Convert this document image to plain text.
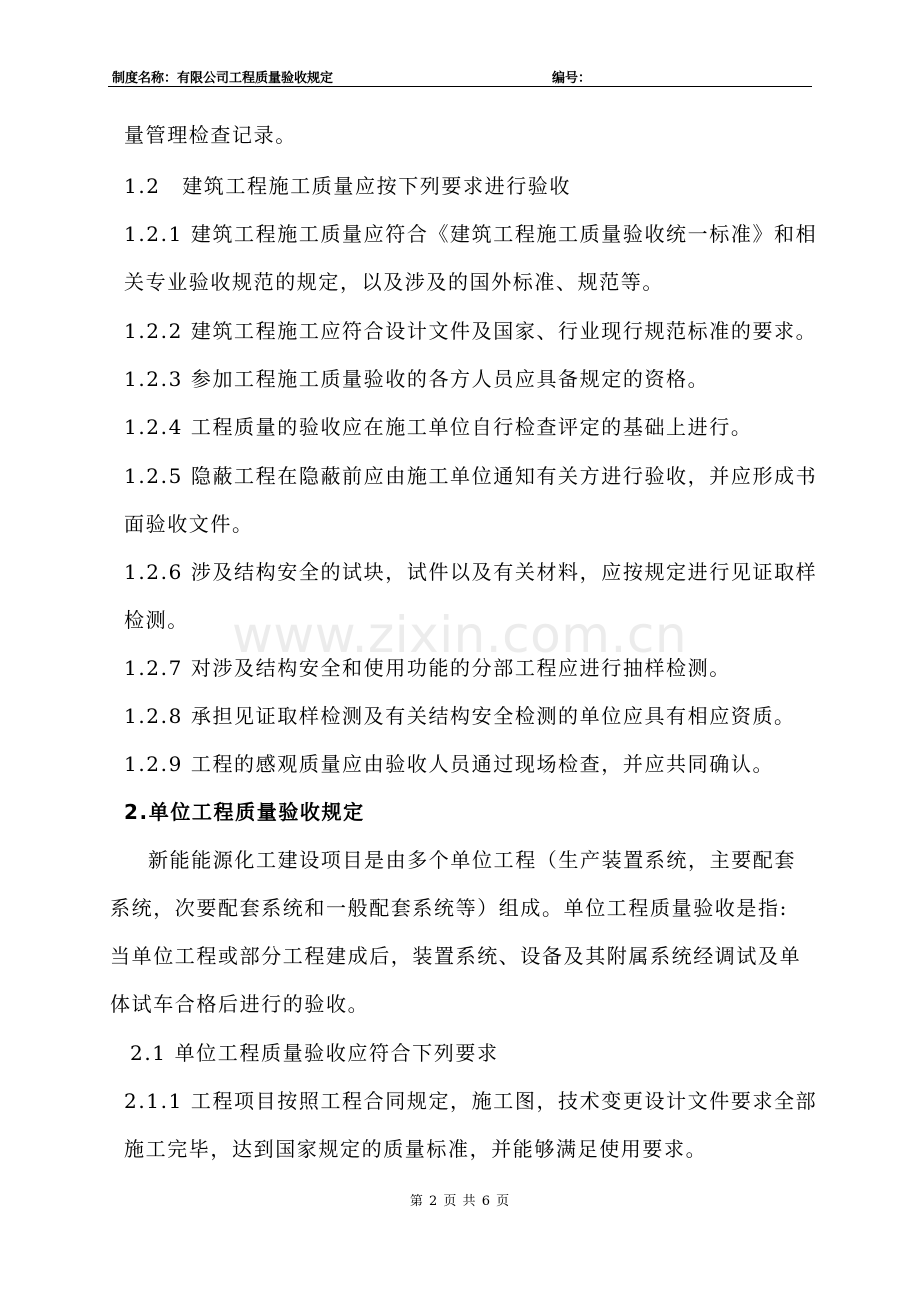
制度名称：有限公司工程质量验收规定	编号：
量管理检查记录。
1.2　建筑工程施工质量应按下列要求进行验收
1.2.1 建筑工程施工质量应符合《建筑工程施工质量验收统一标准》和相
关专业验收规范的规定，以及涉及的国外标准、规范等。
1.2.2 建筑工程施工应符合设计文件及国家、行业现行规范标准的要求。
1.2.3 参加工程施工质量验收的各方人员应具备规定的资格。
1.2.4 工程质量的验收应在施工单位自行检查评定的基础上进行。
1.2.5 隐蔽工程在隐蔽前应由施工单位通知有关方进行验收，并应形成书
面验收文件。
1.2.6 涉及结构安全的试块，试件以及有关材料，应按规定进行见证取样
检测。
1.2.7 对涉及结构安全和使用功能的分部工程应进行抽样检测。
1.2.8 承担见证取样检测及有关结构安全检测的单位应具有相应资质。
1.2.9 工程的感观质量应由验收人员通过现场检查，并应共同确认。
2.单位工程质量验收规定
新能能源化工建设项目是由多个单位工程（生产装置系统，主要配套
系统，次要配套系统和一般配套系统等）组成。单位工程质量验收是指:
当单位工程或部分工程建成后，装置系统、设备及其附属系统经调试及单
体试车合格后进行的验收。
2.1 单位工程质量验收应符合下列要求
2.1.1 工程项目按照工程合同规定，施工图，技术变更设计文件要求全部
施工完毕，达到国家规定的质量标准，并能够满足使用要求。
www.zixin.com.cn
第 2 页 共 6 页
